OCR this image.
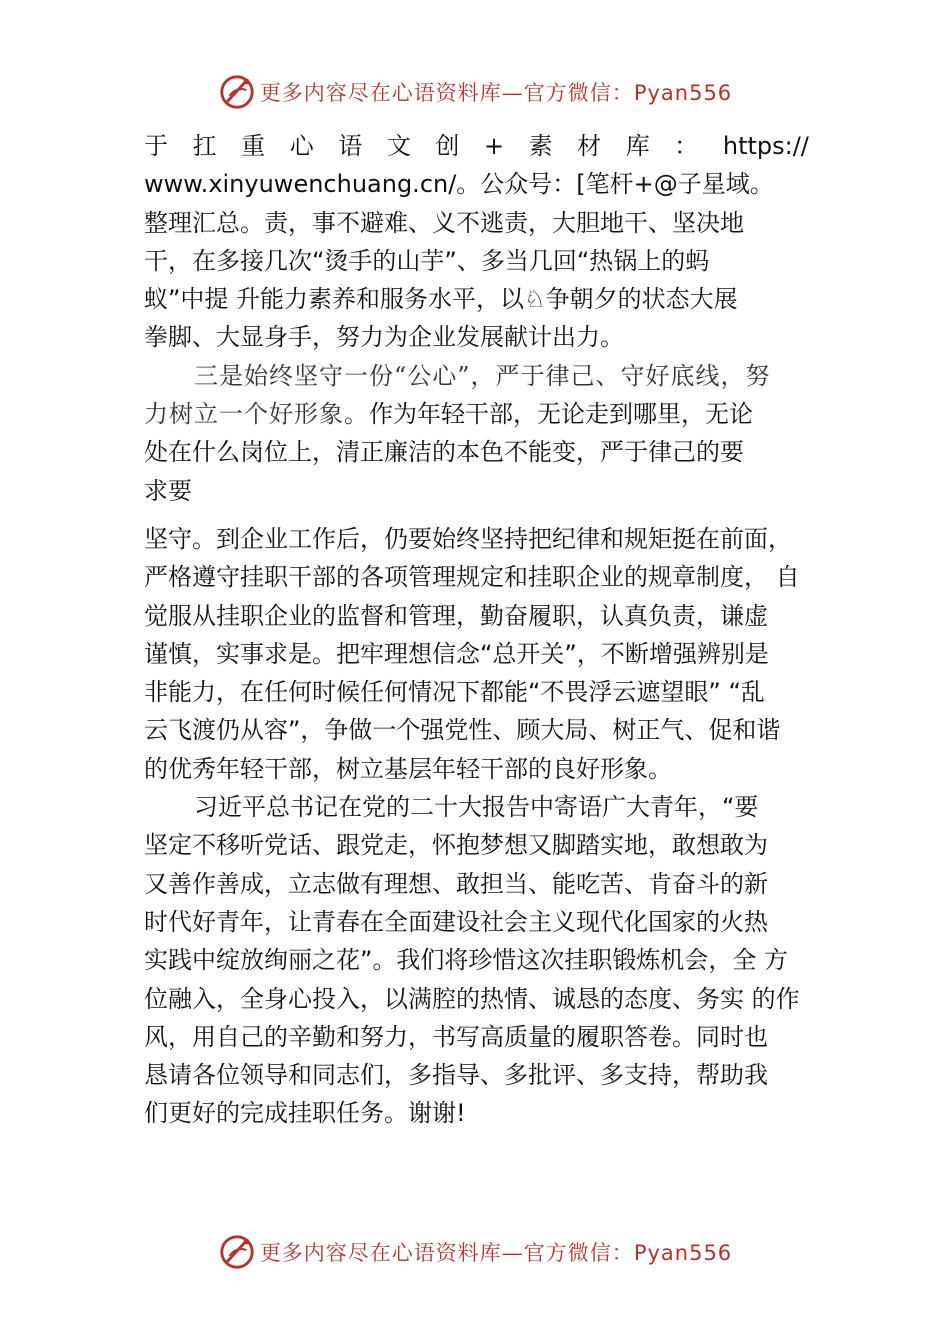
更多内容尽在心语资料库—官方微信：Pyan556
于 扛 重 心 语 文 创 + 素 材 库 ： https://
www.xinyuwenchuang.cn/。公众号：[笔杆+@子星域。
整理汇总。责，事不避难、义不逃责，大胆地干、坚决地
干，在多接几次“烫手的山芋”、多当几回“热锅上的蚂
蚁”中提 升能力素养和服务水平，以♘争朝夕的状态大展
拳脚、大显身手，努力为企业发展献计出力。
三是始终坚守一份“公心”，严于律己、守好底线，努
力树立一个好形象。作为年轻干部，无论走到哪里，无论
处在什么岗位上，清正廉洁的本色不能变，严于律己的要
求要
坚守。到企业工作后，仍要始终坚持把纪律和规矩挺在前面，
严格遵守挂职干部的各项管理规定和挂职企业的规章制度， 自
觉服从挂职企业的监督和管理，勤奋履职，认真负责，谦虚
谨慎，实事求是。把牢理想信念“总开关”，不断增强辨别是
非能力，在任何时候任何情况下都能“不畏浮云遮望眼” “乱
云飞渡仍从容”，争做一个强党性、顾大局、树正气、促和谐
的优秀年轻干部，树立基层年轻干部的良好形象。
习近平总书记在党的二十大报告中寄语广大青年，“要
坚定不移听党话、跟党走，怀抱梦想又脚踏实地，敢想敢为
又善作善成，立志做有理想、敢担当、能吃苦、肯奋斗的新
时代好青年，让青春在全面建设社会主义现代化国家的火热
实践中绽放绚丽之花”。我们将珍惜这次挂职锻炼机会，全 方
位融入，全身心投入，以满腔的热情、诚恳的态度、务实 的作
风，用自己的辛勤和努力，书写高质量的履职答卷。同时也
恳请各位领导和同志们，多指导、多批评、多支持，帮助我
们更好的完成挂职任务。谢谢!
更多内容尽在心语资料库—官方微信：Pyan556
